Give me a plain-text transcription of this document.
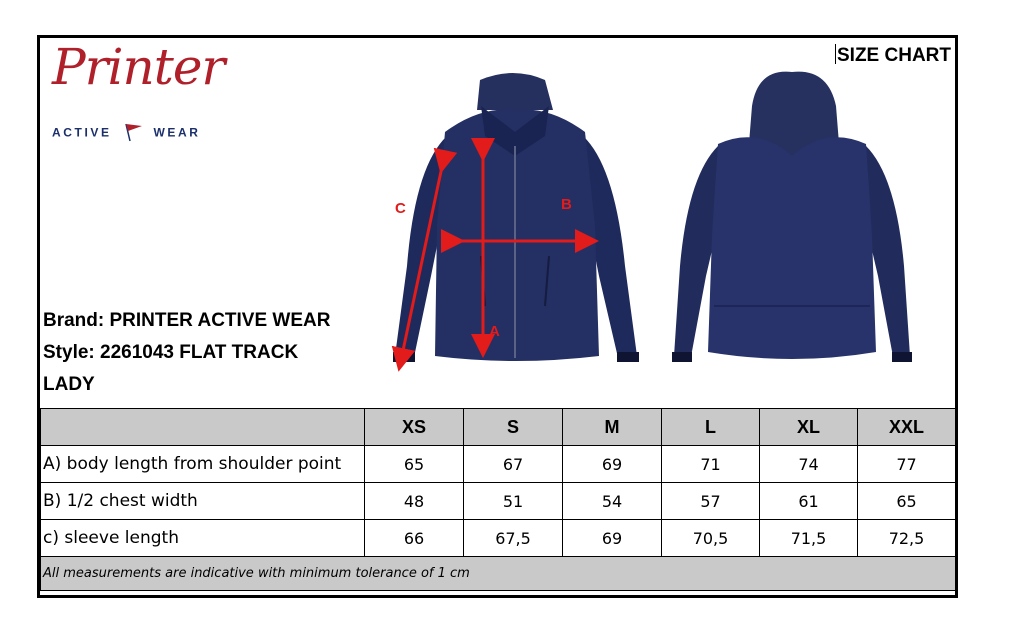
Printer
ACTIVE	WEAR
SIZE CHART
Brand: PRINTER ACTIVE WEAR
Style: 2261043 FLAT TRACK
LADY
A
B
C
	XS	S	M	L	XL	XXL
A) body length from shoulder point	65	67	69	71	74	77
B) 1/2 chest width	48	51	54	57	61	65
c) sleeve length	66	67,5	69	70,5	71,5	72,5
All measurements are indicative with minimum tolerance of 1 cm						
